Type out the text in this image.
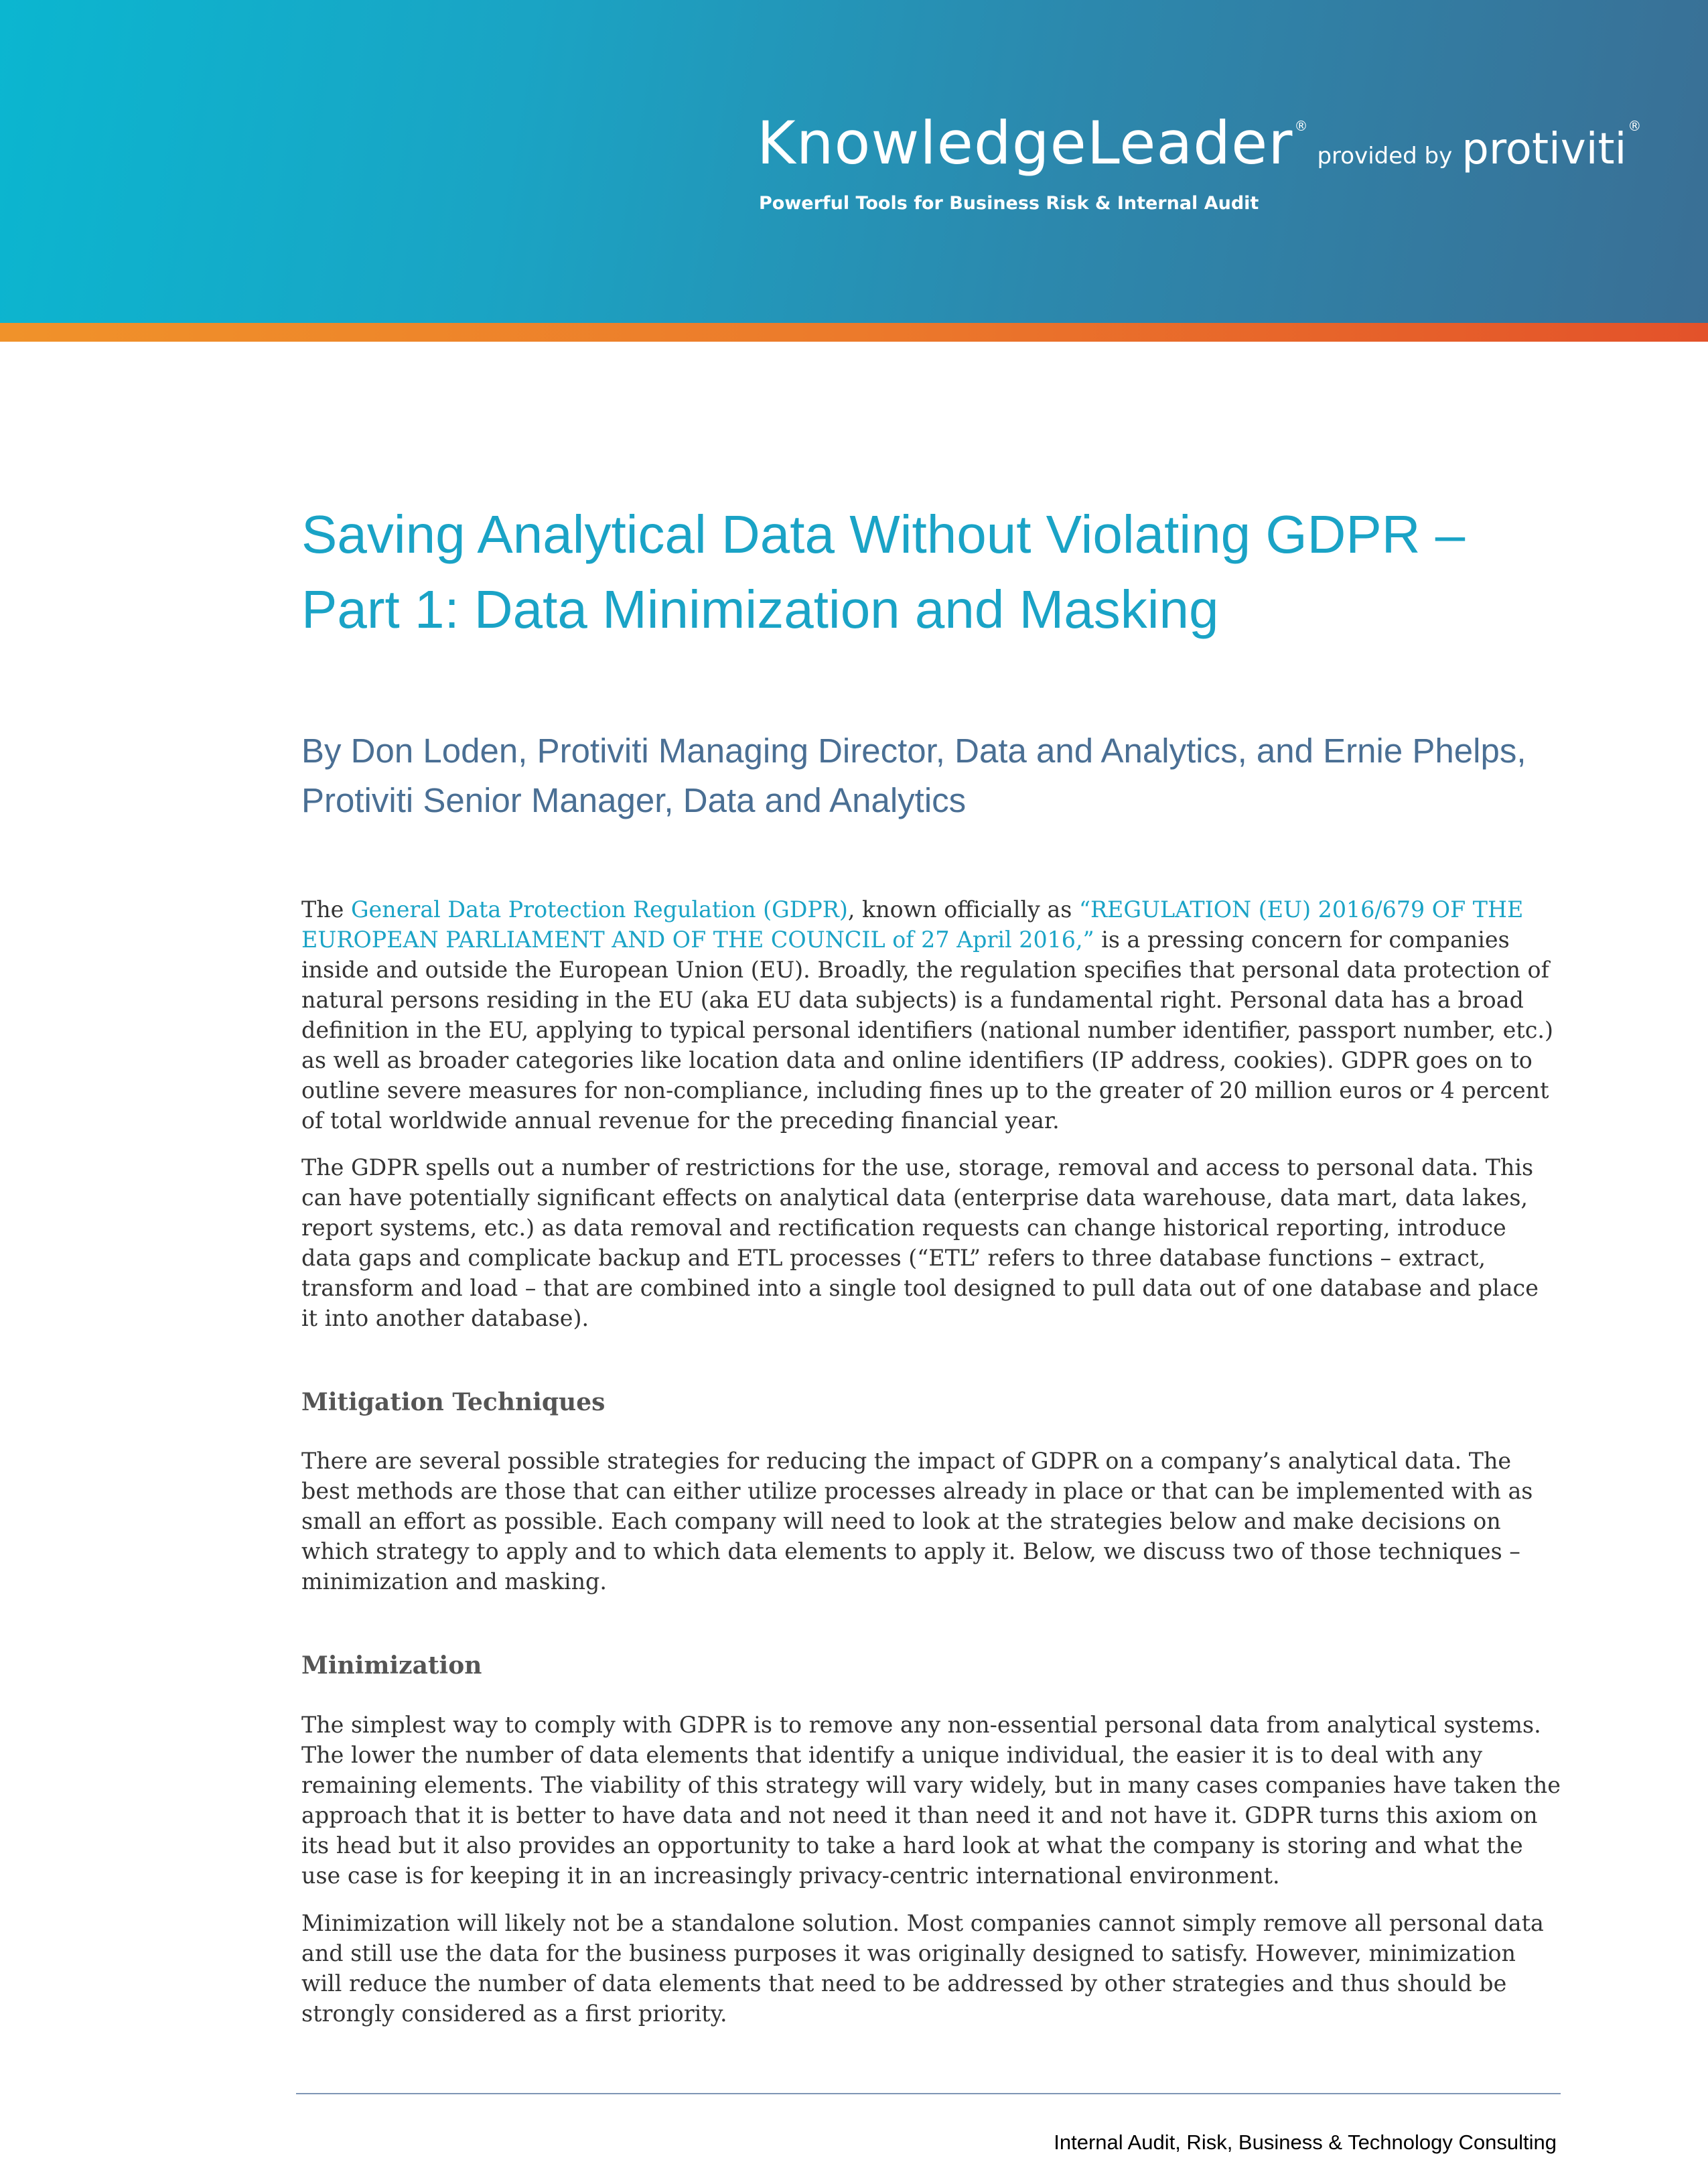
KnowledgeLeader ®provided by protiviti ®
Powerful Tools for Business Risk & Internal Audit
Saving Analytical Data Without Violating GDPR – Part 1: Data Minimization and Masking

By Don Loden, Protiviti Managing Director, Data and Analytics, and Ernie Phelps, Protiviti Senior Manager, Data and Analytics

The General Data Protection Regulation (GDPR), known officially as “REGULATION (EU) 2016/679 OF THE EUROPEAN PARLIAMENT AND OF THE COUNCIL of 27 April 2016,” is a pressing concern for companies inside and outside the European Union (EU). Broadly, the regulation specifies that personal data protection of natural persons residing in the EU (aka EU data subjects) is a fundamental right. Personal data has a broad definition in the EU, applying to typical personal identifiers (national number identifier, passport number, etc.) as well as broader categories like location data and online identifiers (IP address, cookies). GDPR goes on to outline severe measures for non-compliance, including fines up to the greater of 20 million euros or 4 percent of total worldwide annual revenue for the preceding financial year.

The GDPR spells out a number of restrictions for the use, storage, removal and access to personal data. This can have potentially significant effects on analytical data (enterprise data warehouse, data mart, data lakes, report systems, etc.) as data removal and rectification requests can change historical reporting, introduce data gaps and complicate backup and ETL processes (“ETL” refers to three database functions – extract, transform and load – that are combined into a single tool designed to pull data out of one database and place it into another database).

Mitigation Techniques

There are several possible strategies for reducing the impact of GDPR on a company’s analytical data. The best methods are those that can either utilize processes already in place or that can be implemented with as small an effort as possible. Each company will need to look at the strategies below and make decisions on which strategy to apply and to which data elements to apply it. Below, we discuss two of those techniques – minimization and masking.

Minimization

The simplest way to comply with GDPR is to remove any non-essential personal data from analytical systems. The lower the number of data elements that identify a unique individual, the easier it is to deal with any remaining elements. The viability of this strategy will vary widely, but in many cases companies have taken the approach that it is better to have data and not need it than need it and not have it. GDPR turns this axiom on its head but it also provides an opportunity to take a hard look at what the company is storing and what the use case is for keeping it in an increasingly privacy-centric international environment.

Minimization will likely not be a standalone solution. Most companies cannot simply remove all personal data and still use the data for the business purposes it was originally designed to satisfy. However, minimization will reduce the number of data elements that need to be addressed by other strategies and thus should be strongly considered as a first priority.

Internal Audit, Risk, Business & Technology Consulting
